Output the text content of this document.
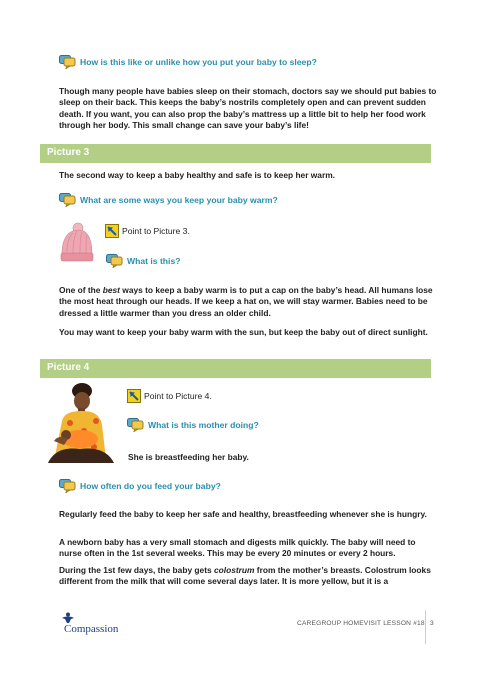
How is this like or unlike how you put your baby to sleep?
Though many people have babies sleep on their stomach, doctors say we should put babies to sleep on their back. This keeps the baby’s nostrils completely open and can prevent sudden death. If you want, you can also prop the baby’s mattress up a little bit to help her food work through her body. This small change can save your baby’s life!
Picture 3
The second way to keep a baby healthy and safe is to keep her warm.
What are some ways you keep your baby warm?
Point to Picture 3.
What is this?
One of the best ways to keep a baby warm is to put a cap on the baby’s head. All humans lose the most heat through our heads. If we keep a hat on, we will stay warmer. Babies need to be dressed a little warmer than you dress an older child.
You may want to keep your baby warm with the sun, but keep the baby out of direct sunlight.
Picture 4
Point to Picture 4.
What is this mother doing?
She is breastfeeding her baby.
How often do you feed your baby?
Regularly feed the baby to keep her safe and healthy, breastfeeding whenever she is hungry.
A newborn baby has a very small stomach and digests milk quickly. The baby will need to nurse often in the 1st several weeks. This may be every 20 minutes or every 2 hours.
During the 1st few days, the baby gets colostrum from the mother’s breasts. Colostrum looks different from the milk that will come several days later. It is more yellow, but it is a
Compassion	CAREGROUP HOMEVISIT LESSON #18 3
